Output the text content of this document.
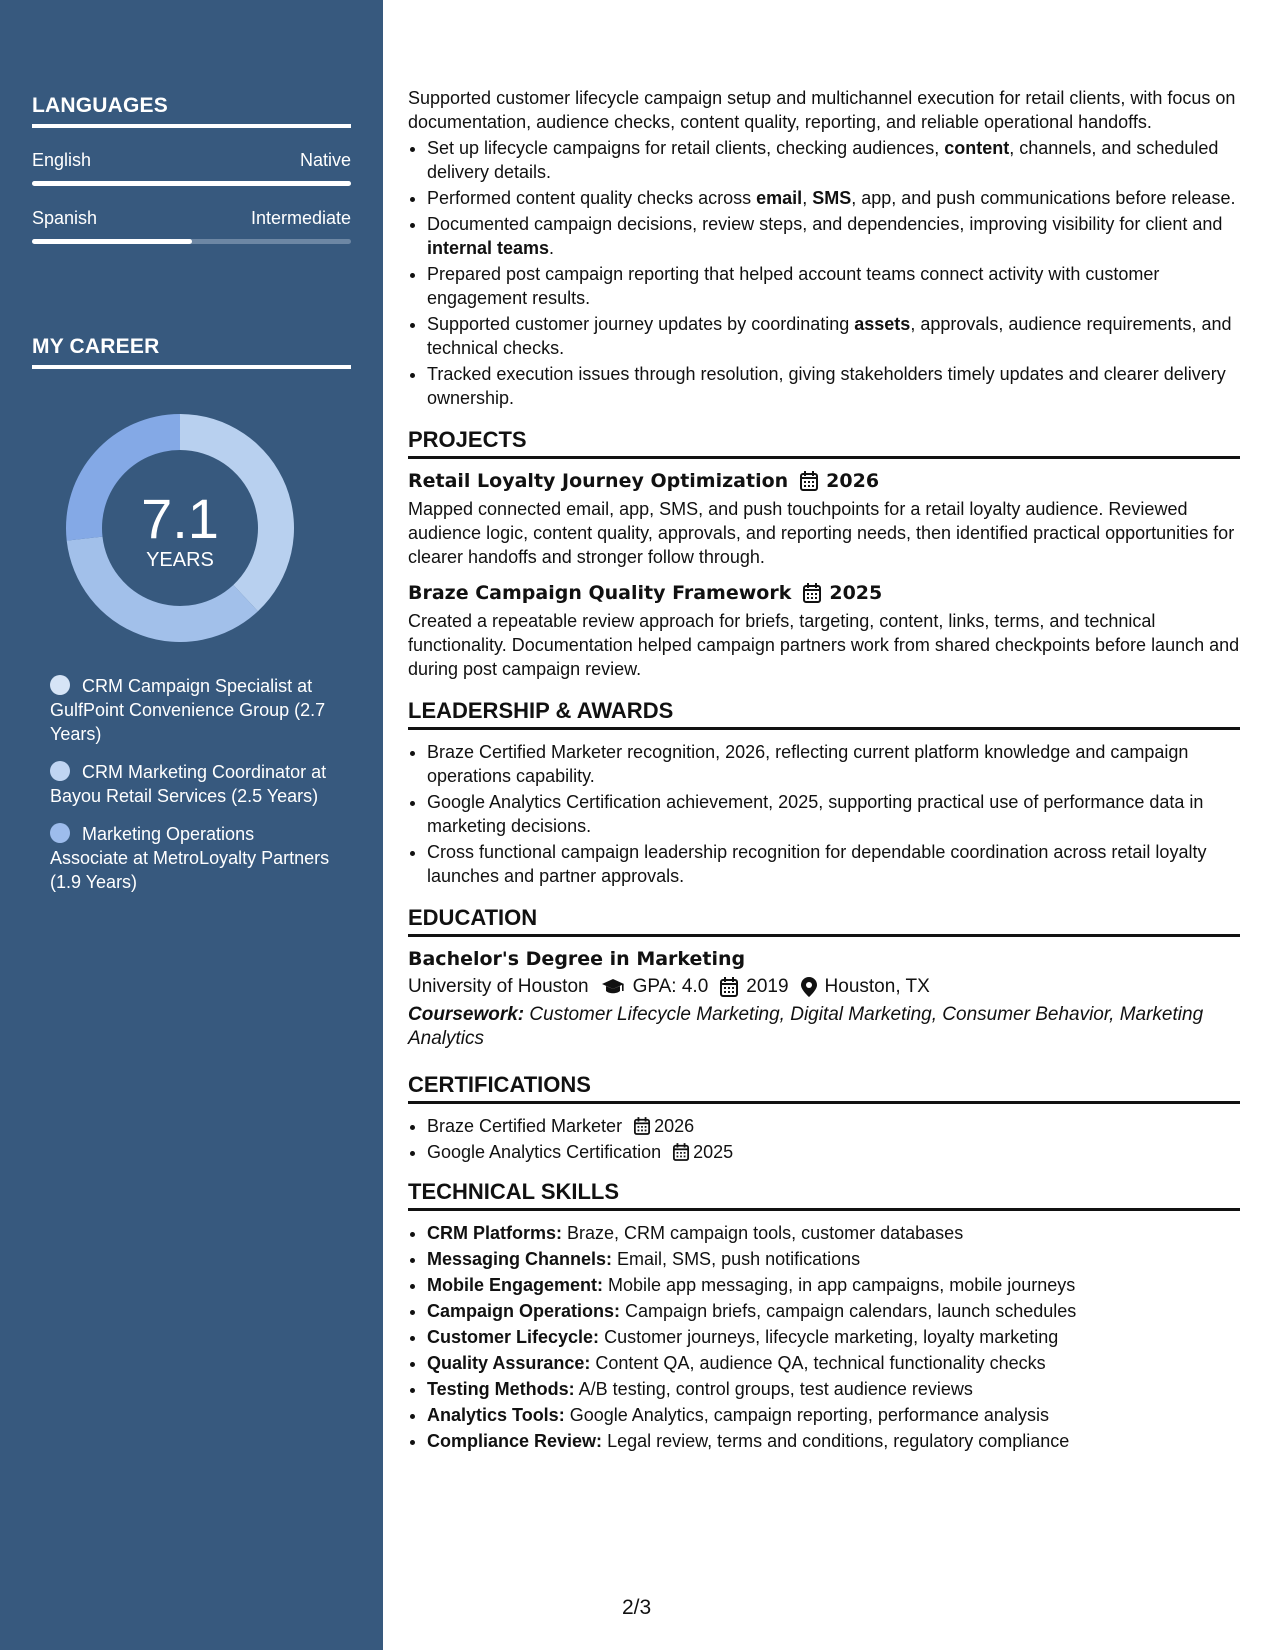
LANGUAGES
English	Native
Spanish	Intermediate
MY CAREER
7.1
YEARS
CRM Campaign Specialist at GulfPoint Convenience Group (2.7 Years)
CRM Marketing Coordinator at Bayou Retail Services (2.5 Years)
Marketing Operations Associate at MetroLoyalty Partners (1.9 Years)
Supported customer lifecycle campaign setup and multichannel execution for retail clients, with focus on documentation, audience checks, content quality, reporting, and reliable operational handoffs.
• Set up lifecycle campaigns for retail clients, checking audiences, content, channels, and scheduled delivery details.
• Performed content quality checks across email, SMS, app, and push communications before release.
• Documented campaign decisions, review steps, and dependencies, improving visibility for client and internal teams.
• Prepared post campaign reporting that helped account teams connect activity with customer engagement results.
• Supported customer journey updates by coordinating assets, approvals, audience requirements, and technical checks.
• Tracked execution issues through resolution, giving stakeholders timely updates and clearer delivery ownership.
PROJECTS
Retail Loyalty Journey Optimization 2026
Mapped connected email, app, SMS, and push touchpoints for a retail loyalty audience. Reviewed audience logic, content quality, approvals, and reporting needs, then identified practical opportunities for clearer handoffs and stronger follow through.
Braze Campaign Quality Framework 2025
Created a repeatable review approach for briefs, targeting, content, links, terms, and technical functionality. Documentation helped campaign partners work from shared checkpoints before launch and during post campaign review.
LEADERSHIP & AWARDS
• Braze Certified Marketer recognition, 2026, reflecting current platform knowledge and campaign operations capability.
• Google Analytics Certification achievement, 2025, supporting practical use of performance data in marketing decisions.
• Cross functional campaign leadership recognition for dependable coordination across retail loyalty launches and partner approvals.
EDUCATION
Bachelor's Degree in Marketing
University of Houston GPA: 4.0 2019 Houston, TX
Coursework: Customer Lifecycle Marketing, Digital Marketing, Consumer Behavior, Marketing Analytics
CERTIFICATIONS
• Braze Certified Marketer 2026
• Google Analytics Certification 2025
TECHNICAL SKILLS
• CRM Platforms: Braze, CRM campaign tools, customer databases
• Messaging Channels: Email, SMS, push notifications
• Mobile Engagement: Mobile app messaging, in app campaigns, mobile journeys
• Campaign Operations: Campaign briefs, campaign calendars, launch schedules
• Customer Lifecycle: Customer journeys, lifecycle marketing, loyalty marketing
• Quality Assurance: Content QA, audience QA, technical functionality checks
• Testing Methods: A/B testing, control groups, test audience reviews
• Analytics Tools: Google Analytics, campaign reporting, performance analysis
• Compliance Review: Legal review, terms and conditions, regulatory compliance
2/3
